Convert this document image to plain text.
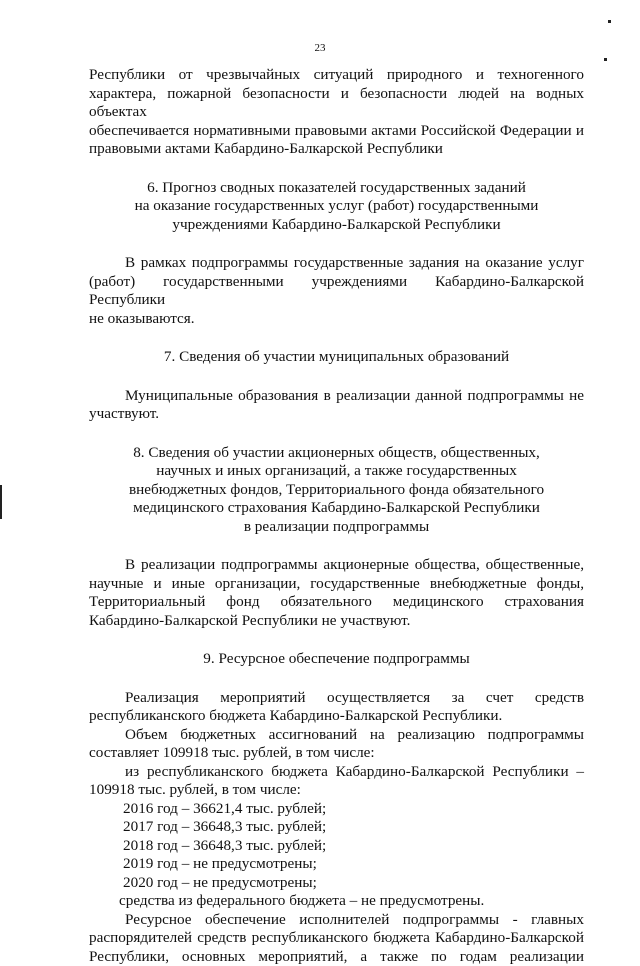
23

Республики от чрезвычайных ситуаций природного и техногенного

характера, пожарной безопасности и безопасности людей на водных объектах

обеспечивается нормативными правовыми актами Российской Федерации и

правовыми актами Кабардино-Балкарской Республики

6. Прогноз сводных показателей государственных заданий

на оказание государственных услуг (работ) государственными

учреждениями Кабардино-Балкарской Республики

В рамках подпрограммы государственные задания на оказание услуг

(работ) государственными учреждениями Кабардино-Балкарской Республики

не оказываются.

7. Сведения об участии муниципальных образований

Муниципальные образования в реализации данной подпрограммы не

участвуют.

8. Сведения об участии акционерных обществ, общественных,

научных и иных организаций, а также государственных

внебюджетных фондов, Территориального фонда обязательного

медицинского страхования Кабардино-Балкарской Республики

в реализации подпрограммы

В реализации подпрограммы акционерные общества, общественные,

научные и иные организации, государственные внебюджетные фонды,

Территориальный фонд обязательного медицинского страхования

Кабардино-Балкарской Республики не участвуют.

9. Ресурсное обеспечение подпрограммы

Реализация мероприятий осуществляется за счет средств

республиканского бюджета Кабардино-Балкарской Республики.

Объем бюджетных ассигнований на реализацию подпрограммы

составляет 109918 тыс. рублей, в том числе:

из республиканского бюджета Кабардино-Балкарской Республики –

109918 тыс. рублей, в том числе:

2016 год – 36621,4 тыс. рублей;

2017 год – 36648,3 тыс. рублей;

2018 год – 36648,3 тыс. рублей;

2019 год – не предусмотрены;

2020 год – не предусмотрены;

средства из федерального бюджета – не предусмотрены.

Ресурсное обеспечение исполнителей подпрограммы - главных

распорядителей средств республиканского бюджета Кабардино-Балкарской

Республики, основных мероприятий, а также по годам реализации
